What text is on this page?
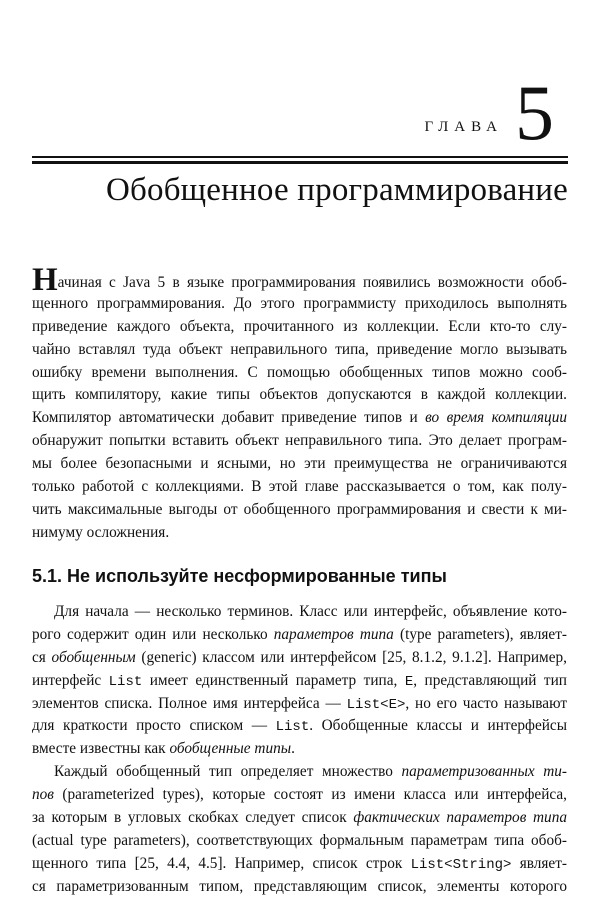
ГЛАВА 5
Обобщенное программирование
Начиная с Java 5 в языке программирования появились возможности обоб-
щенного программирования. До этого программисту приходилось выполнять
приведение каждого объекта, прочитанного из коллекции. Если кто-то слу-
чайно вставлял туда объект неправильного типа, приведение могло вызывать
ошибку времени выполнения. С помощью обобщенных типов можно сооб-
щить компилятору, какие типы объектов допускаются в каждой коллекции.
Компилятор автоматически добавит приведение типов и во время компиляции
обнаружит попытки вставить объект неправильного типа. Это делает програм-
мы более безопасными и ясными, но эти преимущества не ограничиваются
только работой с коллекциями. В этой главе рассказывается о том, как полу-
чить максимальные выгоды от обобщенного программирования и свести к ми-
нимуму осложнения.
5.1. Не используйте несформированные типы
Для начала — несколько терминов. Класс или интерфейс, объявление кото-
рого содержит один или несколько параметров типа (type parameters), являет-
ся обобщенным (generic) классом или интерфейсом [25, 8.1.2, 9.1.2]. Например,
интерфейс List имеет единственный параметр типа, E, представляющий тип
элементов списка. Полное имя интерфейса — List<E>, но его часто называют
для краткости просто списком — List. Обобщенные классы и интерфейсы
вместе известны как обобщенные типы.
Каждый обобщенный тип определяет множество параметризованных ти-
пов (parameterized types), которые состоят из имени класса или интерфейса,
за которым в угловых скобках следует список фактических параметров типа
(actual type parameters), соответствующих формальным параметрам типа обоб-
щенного типа [25, 4.4, 4.5]. Например, список строк List<String> являет-
ся параметризованным типом, представляющим список, элементы которого
